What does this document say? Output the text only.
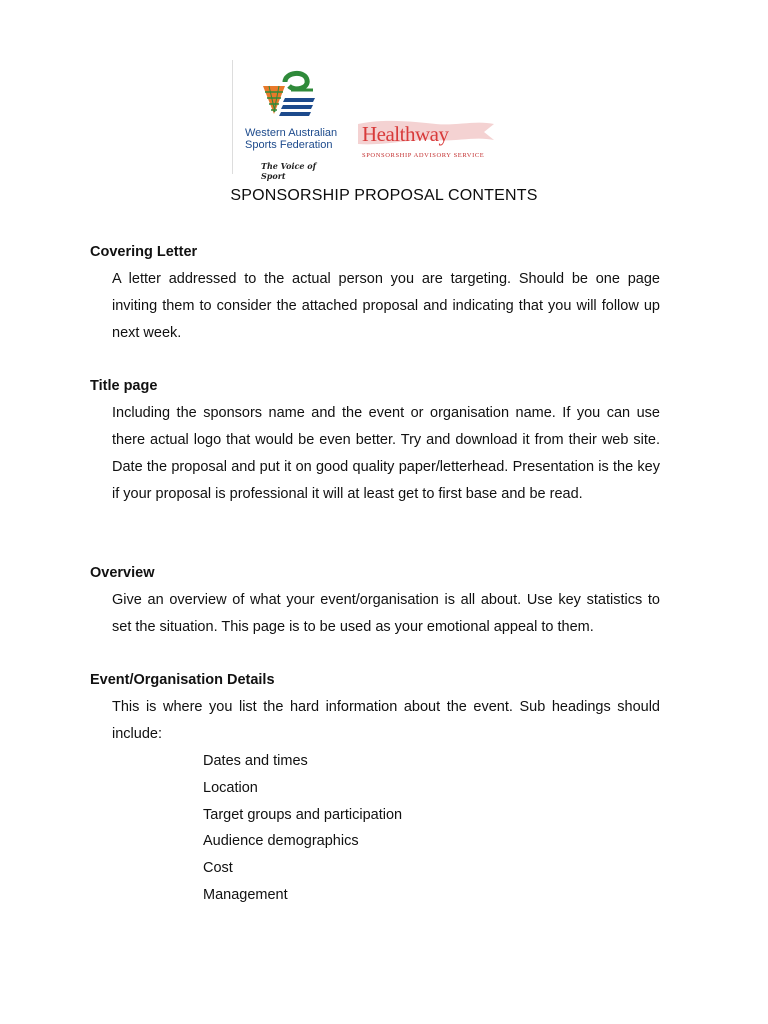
Western Australian
Sports Federation
The Voice of Sport
Healthway
SPONSORSHIP ADVISORY SERVICE
SPONSORSHIP PROPOSAL CONTENTS
Covering Letter
A letter addressed to the actual person you are targeting. Should be one page inviting them to consider the attached proposal and indicating that you will follow up next week.
Title page
Including the sponsors name and the event or organisation name. If you can use there actual logo that would be even better. Try and download it from their web site. Date the proposal and put it on good quality paper/letterhead. Presentation is the key if your proposal is professional it will at least get to first base and be read.
Overview
Give an overview of what your event/organisation is all about. Use key statistics to set the situation. This page is to be used as your emotional appeal to them.
Event/Organisation Details
This is where you list the hard information about the event. Sub headings should include:
Dates and times
Location
Target groups and participation
Audience demographics
Cost
Management
